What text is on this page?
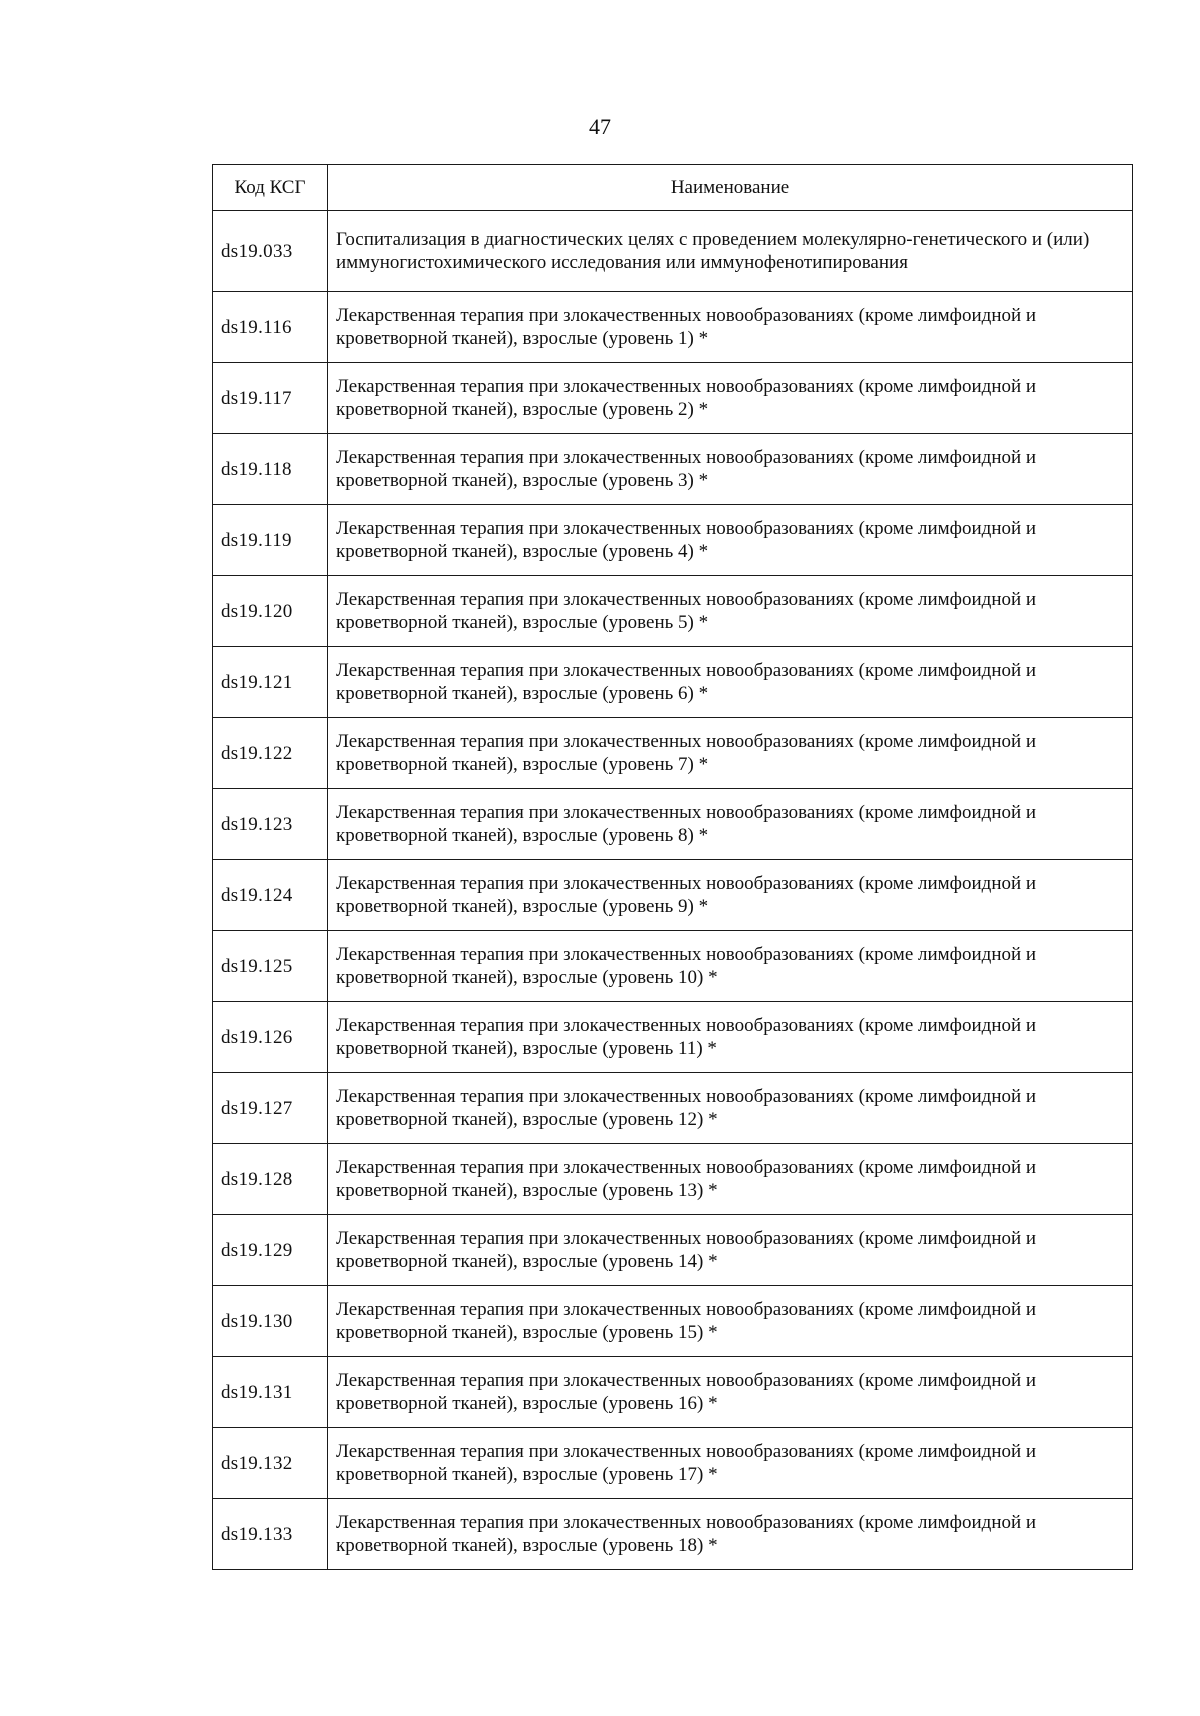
47
Код КСГ	Наименование
ds19.033	Госпитализация в диагностических целях с проведением молекулярно-генетического и (или) иммуногистохимического исследования или иммунофенотипирования
ds19.116	Лекарственная терапия при злокачественных новообразованиях (кроме лимфоидной и кроветворной тканей), взрослые (уровень 1) *
ds19.117	Лекарственная терапия при злокачественных новообразованиях (кроме лимфоидной и кроветворной тканей), взрослые (уровень 2) *
ds19.118	Лекарственная терапия при злокачественных новообразованиях (кроме лимфоидной и кроветворной тканей), взрослые (уровень 3) *
ds19.119	Лекарственная терапия при злокачественных новообразованиях (кроме лимфоидной и кроветворной тканей), взрослые (уровень 4) *
ds19.120	Лекарственная терапия при злокачественных новообразованиях (кроме лимфоидной и кроветворной тканей), взрослые (уровень 5) *
ds19.121	Лекарственная терапия при злокачественных новообразованиях (кроме лимфоидной и кроветворной тканей), взрослые (уровень 6) *
ds19.122	Лекарственная терапия при злокачественных новообразованиях (кроме лимфоидной и кроветворной тканей), взрослые (уровень 7) *
ds19.123	Лекарственная терапия при злокачественных новообразованиях (кроме лимфоидной и кроветворной тканей), взрослые (уровень 8) *
ds19.124	Лекарственная терапия при злокачественных новообразованиях (кроме лимфоидной и кроветворной тканей), взрослые (уровень 9) *
ds19.125	Лекарственная терапия при злокачественных новообразованиях (кроме лимфоидной и кроветворной тканей), взрослые (уровень 10) *
ds19.126	Лекарственная терапия при злокачественных новообразованиях (кроме лимфоидной и кроветворной тканей), взрослые (уровень 11) *
ds19.127	Лекарственная терапия при злокачественных новообразованиях (кроме лимфоидной и кроветворной тканей), взрослые (уровень 12) *
ds19.128	Лекарственная терапия при злокачественных новообразованиях (кроме лимфоидной и кроветворной тканей), взрослые (уровень 13) *
ds19.129	Лекарственная терапия при злокачественных новообразованиях (кроме лимфоидной и кроветворной тканей), взрослые (уровень 14) *
ds19.130	Лекарственная терапия при злокачественных новообразованиях (кроме лимфоидной и кроветворной тканей), взрослые (уровень 15) *
ds19.131	Лекарственная терапия при злокачественных новообразованиях (кроме лимфоидной и кроветворной тканей), взрослые (уровень 16) *
ds19.132	Лекарственная терапия при злокачественных новообразованиях (кроме лимфоидной и кроветворной тканей), взрослые (уровень 17) *
ds19.133	Лекарственная терапия при злокачественных новообразованиях (кроме лимфоидной и кроветворной тканей), взрослые (уровень 18) *
